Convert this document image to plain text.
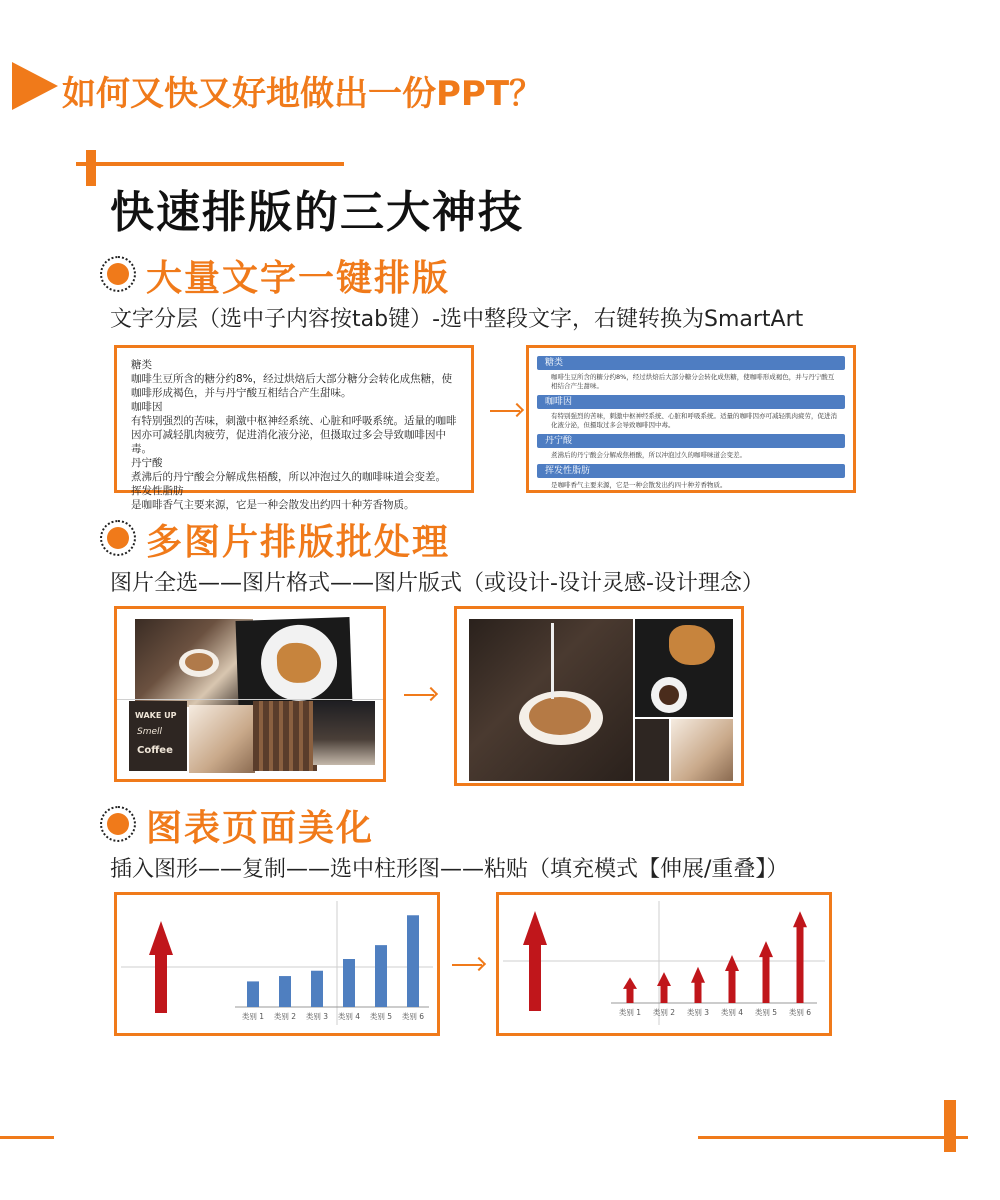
如何又快又好地做出一份PPT？
快速排版的三大神技
大量文字一键排版
文字分层（选中子内容按tab键）-选中整段文字，右键转换为SmartArt
糖类
咖啡生豆所含的糖分约8%，经过烘焙后大部分糖分会转化成焦糖，使咖啡形成褐色，并与丹宁酸互相结合产生甜味。
咖啡因
有特别强烈的苦味，刺激中枢神经系统、心脏和呼吸系统。适量的咖啡因亦可减轻肌肉疲劳，促进消化液分泌，但摄取过多会导致咖啡因中毒。
丹宁酸
煮沸后的丹宁酸会分解成焦梧酸，所以冲泡过久的咖啡味道会变差。
挥发性脂肪
是咖啡香气主要来源，它是一种会散发出约四十种芳香物质。
糖类
咖啡生豆所含的糖分约8%，经过烘焙后大部分糖分会转化成焦糖，使咖啡形成褐色，并与丹宁酸互相结合产生甜味。
咖啡因
有特别强烈的苦味，刺激中枢神经系统、心脏和呼吸系统。适量的咖啡因亦可减轻肌肉疲劳，促进消化液分泌，但摄取过多会导致咖啡因中毒。
丹宁酸
煮沸后的丹宁酸会分解成焦梧酸，所以冲泡过久的咖啡味道会变差。
挥发性脂肪
是咖啡香气主要来源，它是一种会散发出约四十种芳香物质。
多图片排版批处理
图片全选——图片格式——图片版式（或设计-设计灵感-设计理念）
WAKE UP
Smell
Coffee
图表页面美化
插入图形——复制——选中柱形图——粘贴（填充模式【伸展/重叠】）
类别 1 类别 2 类别 3 类别 4 类别 5 类别 6	类别 1 类别 2 类别 3 类别 4 类别 5 类别 6
